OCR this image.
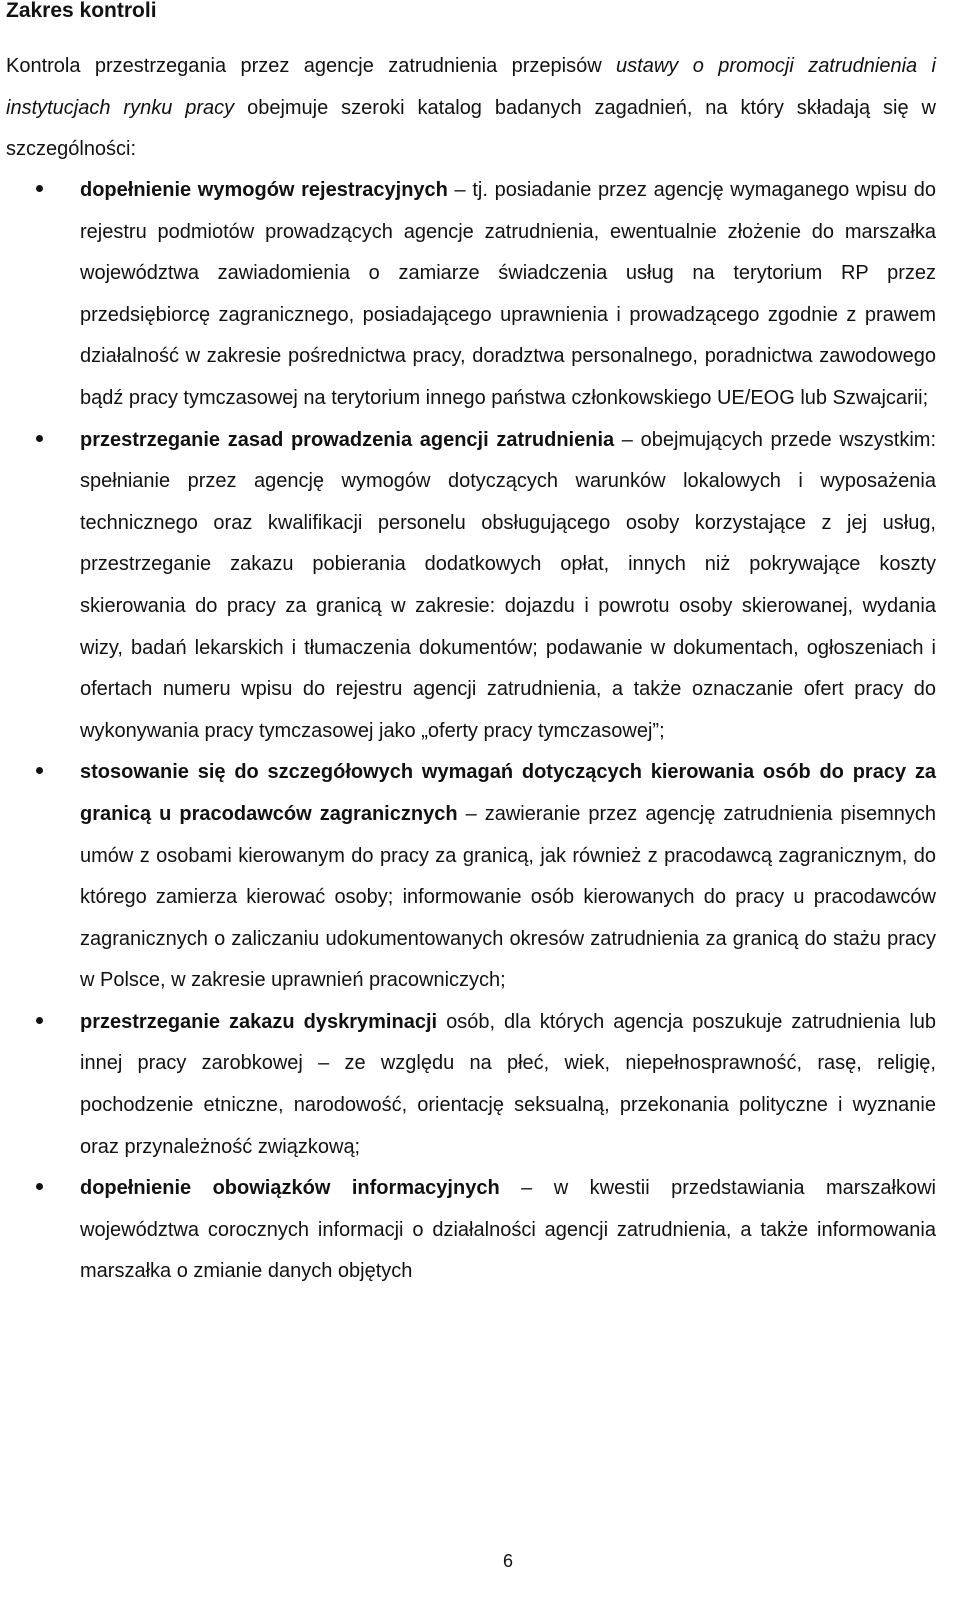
Zakres kontroli

Kontrola przestrzegania przez agencje zatrudnienia przepisów ustawy o promocji zatrudnienia i instytucjach rynku pracy obejmuje szeroki katalog badanych zagadnień, na który składają się w szczególności:

dopełnienie wymogów rejestracyjnych – tj. posiadanie przez agencję wymaganego wpisu do rejestru podmiotów prowadzących agencje zatrudnienia, ewentualnie złożenie do marszałka województwa zawiadomienia o zamiarze świadczenia usług na terytorium RP przez przedsiębiorcę zagranicznego, posiadającego uprawnienia i prowadzącego zgodnie z prawem działalność w zakresie pośrednictwa pracy, doradztwa personalnego, poradnictwa zawodowego bądź pracy tymczasowej na terytorium innego państwa członkowskiego UE/EOG lub Szwajcarii;
przestrzeganie zasad prowadzenia agencji zatrudnienia – obejmujących przede wszystkim: spełnianie przez agencję wymogów dotyczących warunków lokalowych i wyposażenia technicznego oraz kwalifikacji personelu obsługującego osoby korzystające z jej usług, przestrzeganie zakazu pobierania dodatkowych opłat, innych niż pokrywające koszty skierowania do pracy za granicą w zakresie: dojazdu i powrotu osoby skierowanej, wydania wizy, badań lekarskich i tłumaczenia dokumentów; podawanie w dokumentach, ogłoszeniach i ofertach numeru wpisu do rejestru agencji zatrudnienia, a także oznaczanie ofert pracy do wykonywania pracy tymczasowej jako „oferty pracy tymczasowej”;
stosowanie się do szczegółowych wymagań dotyczących kierowania osób do pracy za granicą u pracodawców zagranicznych – zawieranie przez agencję zatrudnienia pisemnych umów z osobami kierowanym do pracy za granicą, jak również z pracodawcą zagranicznym, do którego zamierza kierować osoby; informowanie osób kierowanych do pracy u pracodawców zagranicznych o zaliczaniu udokumentowanych okresów zatrudnienia za granicą do stażu pracy w Polsce, w zakresie uprawnień pracowniczych;
przestrzeganie zakazu dyskryminacji osób, dla których agencja poszukuje zatrudnienia lub innej pracy zarobkowej – ze względu na płeć, wiek, niepełnosprawność, rasę, religię, pochodzenie etniczne, narodowość, orientację seksualną, przekonania polityczne i wyznanie oraz przynależność związkową;
dopełnienie obowiązków informacyjnych – w kwestii przedstawiania marszałkowi województwa corocznych informacji o działalności agencji zatrudnienia, a także informowania marszałka o zmianie danych objętych
6
